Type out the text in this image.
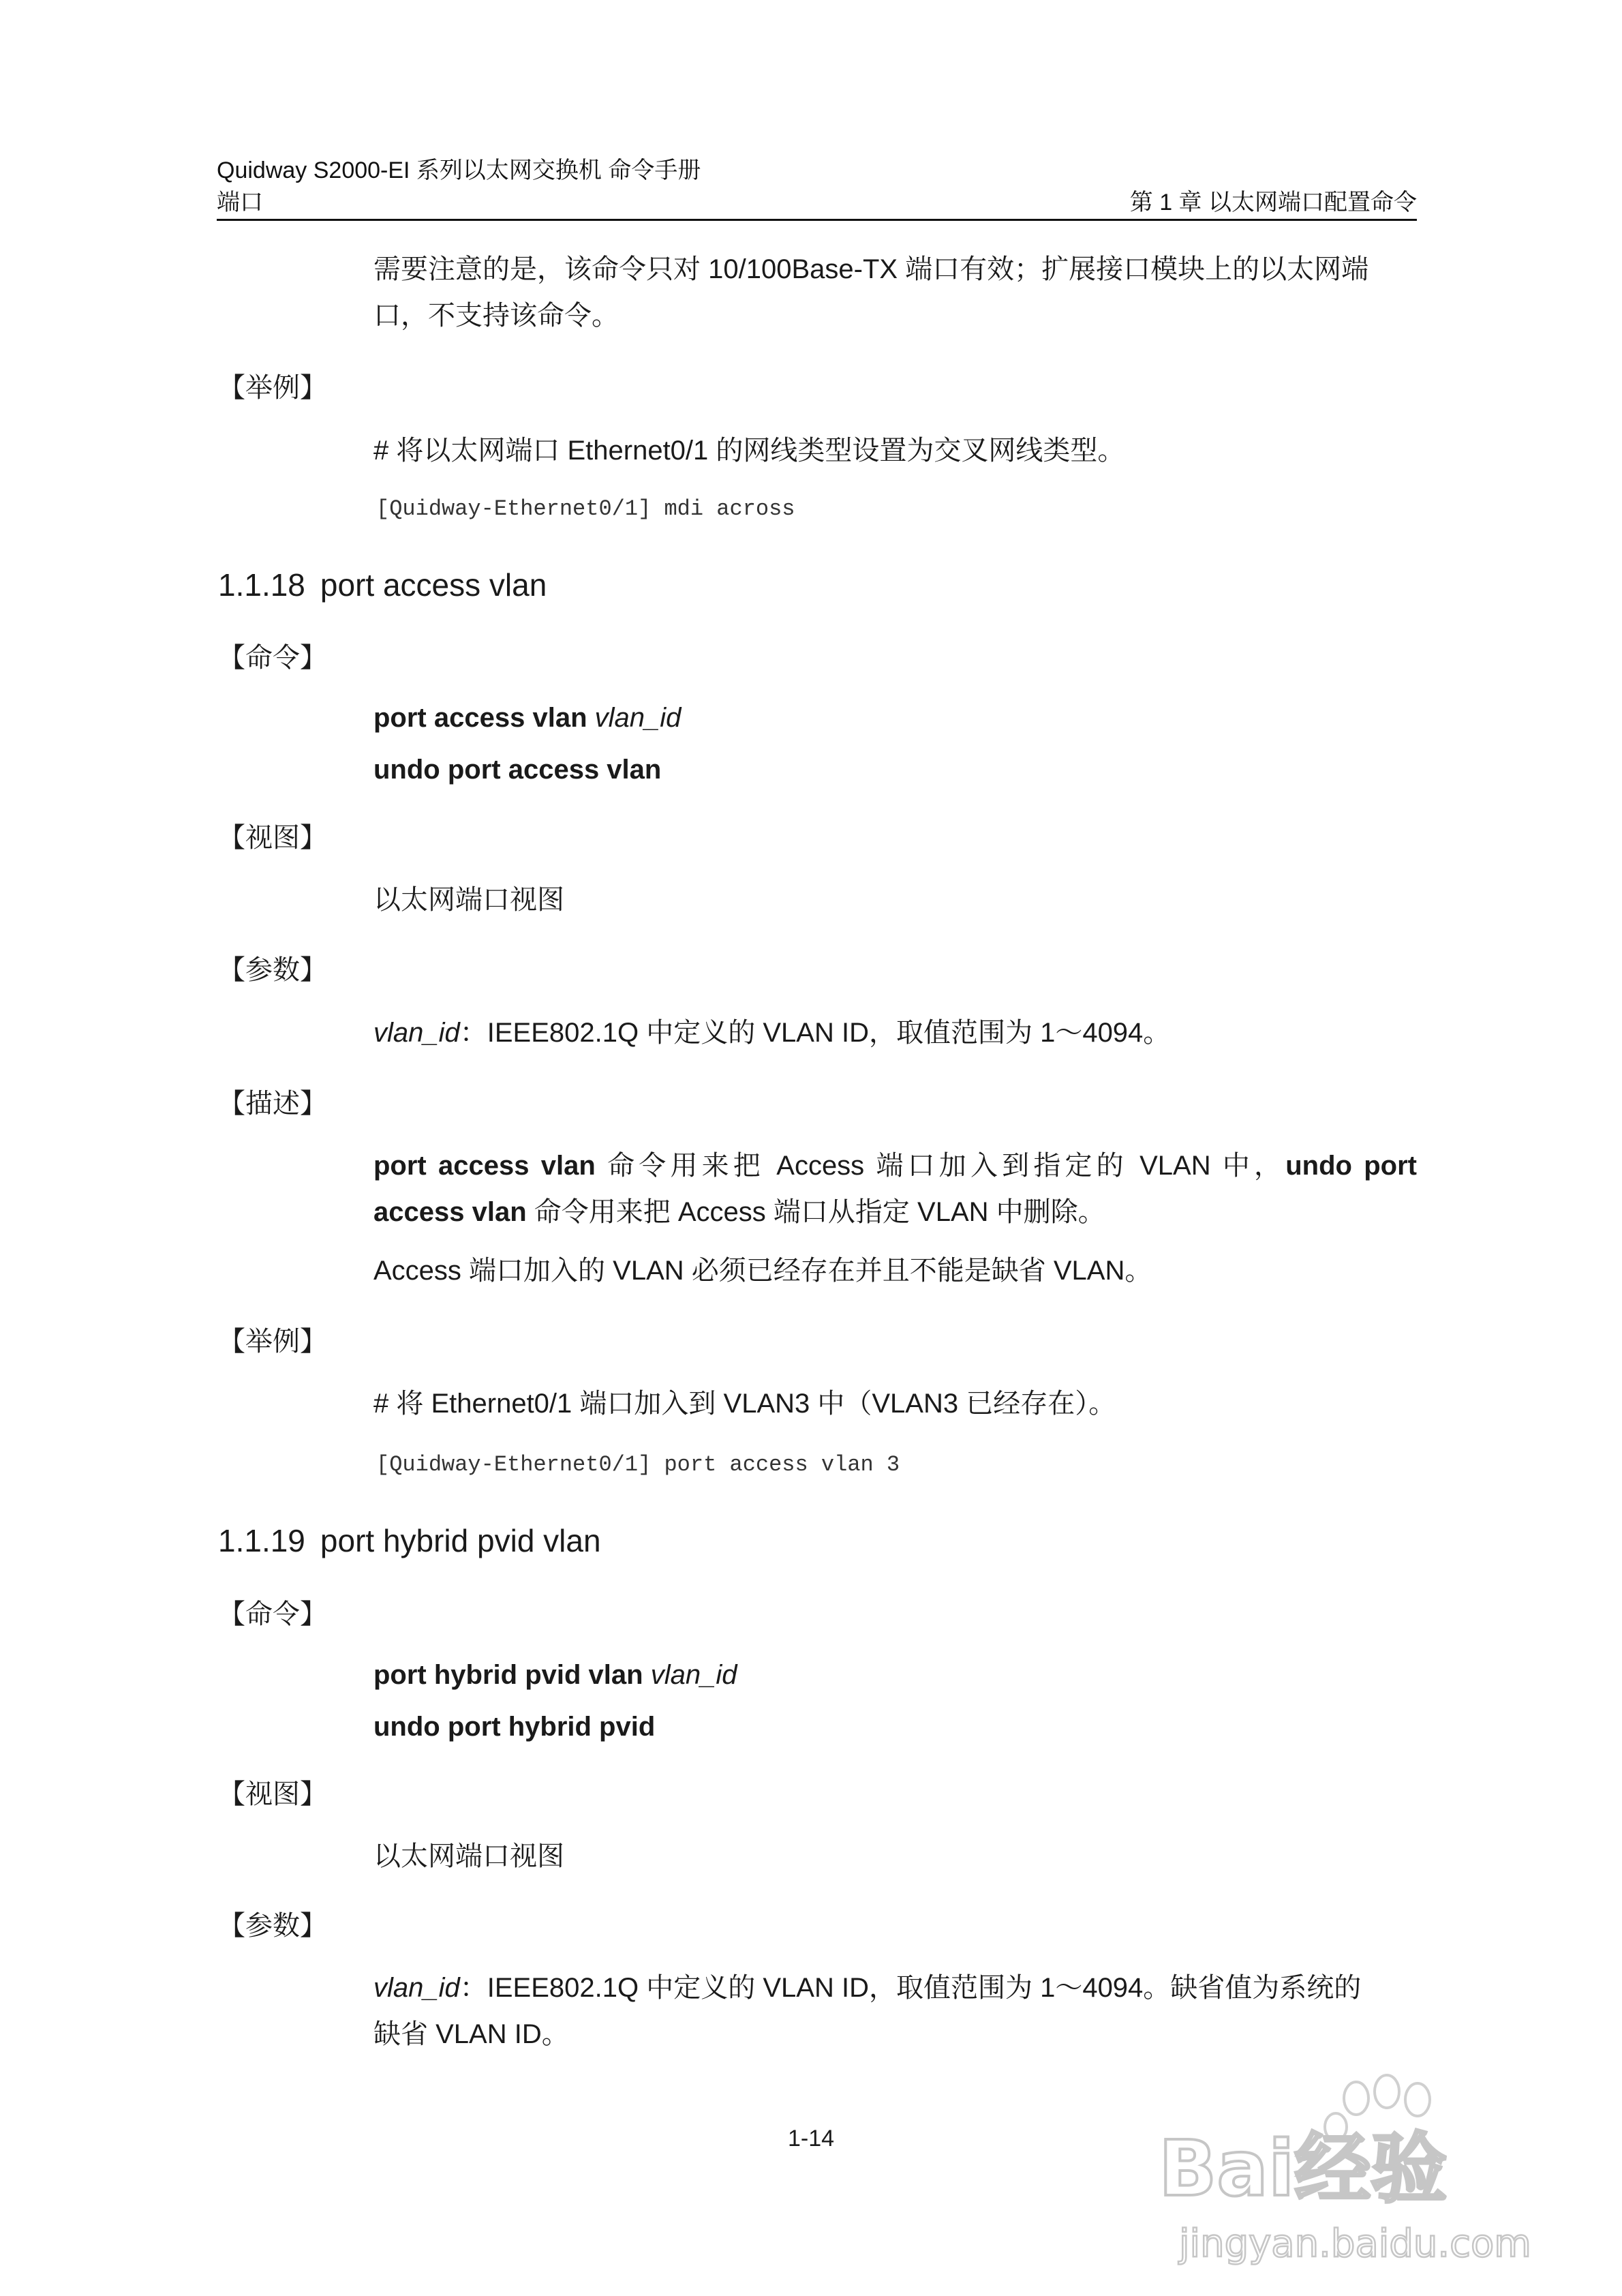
Quidway S2000-EI 系列以太网交换机 命令手册
端口	第 1 章 以太网端口配置命令
需要注意的是，该命令只对 10/100Base-TX 端口有效；扩展接口模块上的以太网端
口，不支持该命令。
【举例】
# 将以太网端口 Ethernet0/1 的网线类型设置为交叉网线类型。
[Quidway-Ethernet0/1] mdi across
1.1.18 port access vlan
【命令】
port access vlan vlan_id
undo port access vlan
【视图】
以太网端口视图
【参数】
vlan_id：IEEE802.1Q 中定义的 VLAN ID，取值范围为 1～4094。
【描述】
port access vlan 命令用来把 Access 端口加入到指定的 VLAN 中，undo port
access vlan 命令用来把 Access 端口从指定 VLAN 中删除。
Access 端口加入的 VLAN 必须已经存在并且不能是缺省 VLAN。
【举例】
# 将 Ethernet0/1 端口加入到 VLAN3 中（VLAN3 已经存在）。
[Quidway-Ethernet0/1] port access vlan 3
1.1.19 port hybrid pvid vlan
【命令】
port hybrid pvid vlan vlan_id
undo port hybrid pvid
【视图】
以太网端口视图
【参数】
vlan_id：IEEE802.1Q 中定义的 VLAN ID，取值范围为 1～4094。缺省值为系统的
缺省 VLAN ID。
1-14	Bai经验
jingyan.baidu.com
